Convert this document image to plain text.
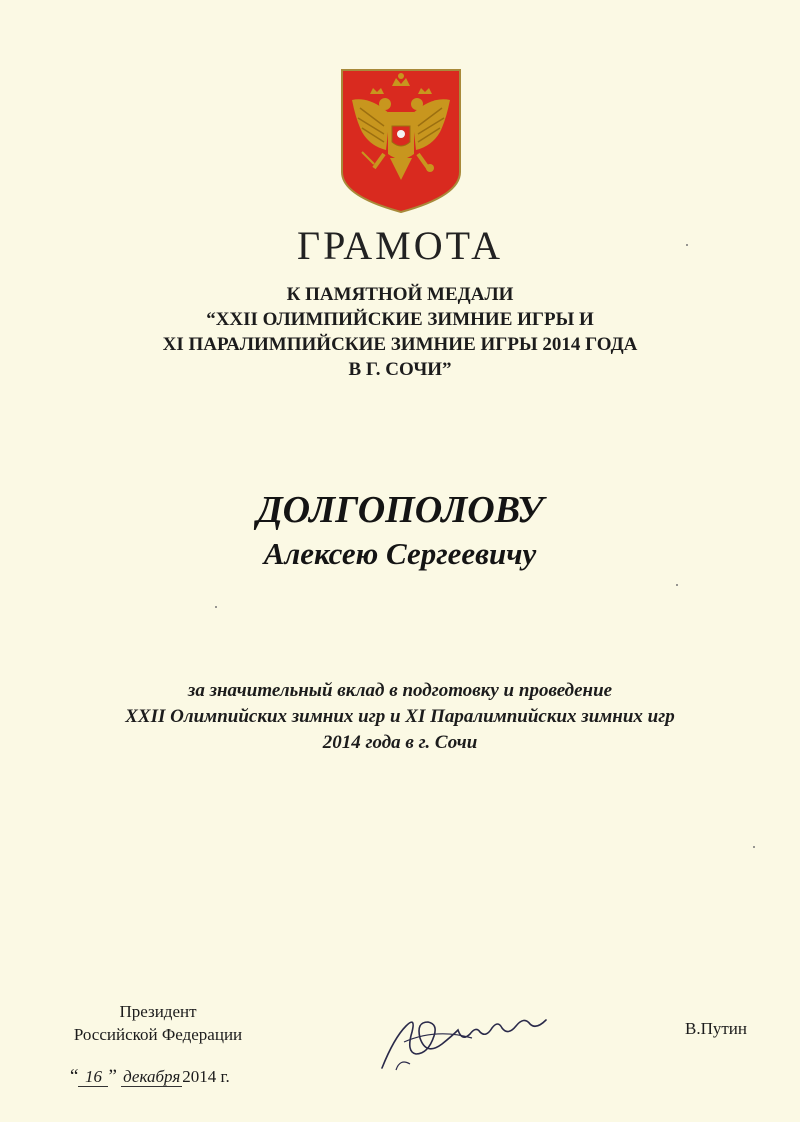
ГРАМОТА
К ПАМЯТНОЙ МЕДАЛИ
“XXII ОЛИМПИЙСКИЕ ЗИМНИЕ ИГРЫ И
XI ПАРАЛИМПИЙСКИЕ ЗИМНИЕ ИГРЫ 2014 ГОДА
В Г. СОЧИ”
ДОЛГОПОЛОВУ
Алексею Сергеевичу
за значительный вклад в подготовку и проведение
XXII Олимпийских зимних игр и XI Паралимпийских зимних игр
2014 года в г. Сочи
Президент
Российской Федерации	В.Путин
“ 16 ” декабря 2014 г.
